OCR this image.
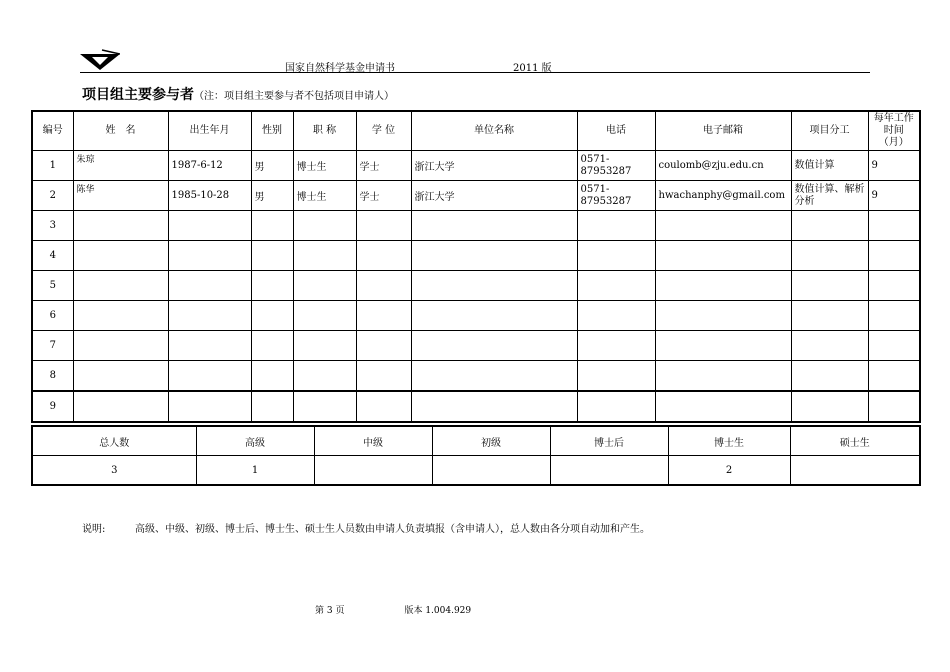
国家自然科学基金申请书	2011 版
项目组主要参与者（注：项目组主要参与者不包括项目申请人）
编号	姓　名	出生年月	性别	职 称	学 位	单位名称	电话	电子邮箱	项目分工	每年工作时间（月）
1	朱琼	1987-6-12	男	博士生	学士	浙江大学	0571-87953287	coulomb@zju.edu.cn	数值计算	9
2	陈华	1985-10-28	男	博士生	学士	浙江大学	0571-87953287	hwachanphy@gmail.com	数值计算、解析分析	9
3										
4										
5										
6										
7										
8										
9										
总人数	高级	中级	初级	博士后	博士生	硕士生
3	1				2	
说明:	高级、中级、初级、博士后、博士生、硕士生人员数由申请人负责填报（含申请人），总人数由各分项自动加和产生。
第 3 页	版本 1.004.929
